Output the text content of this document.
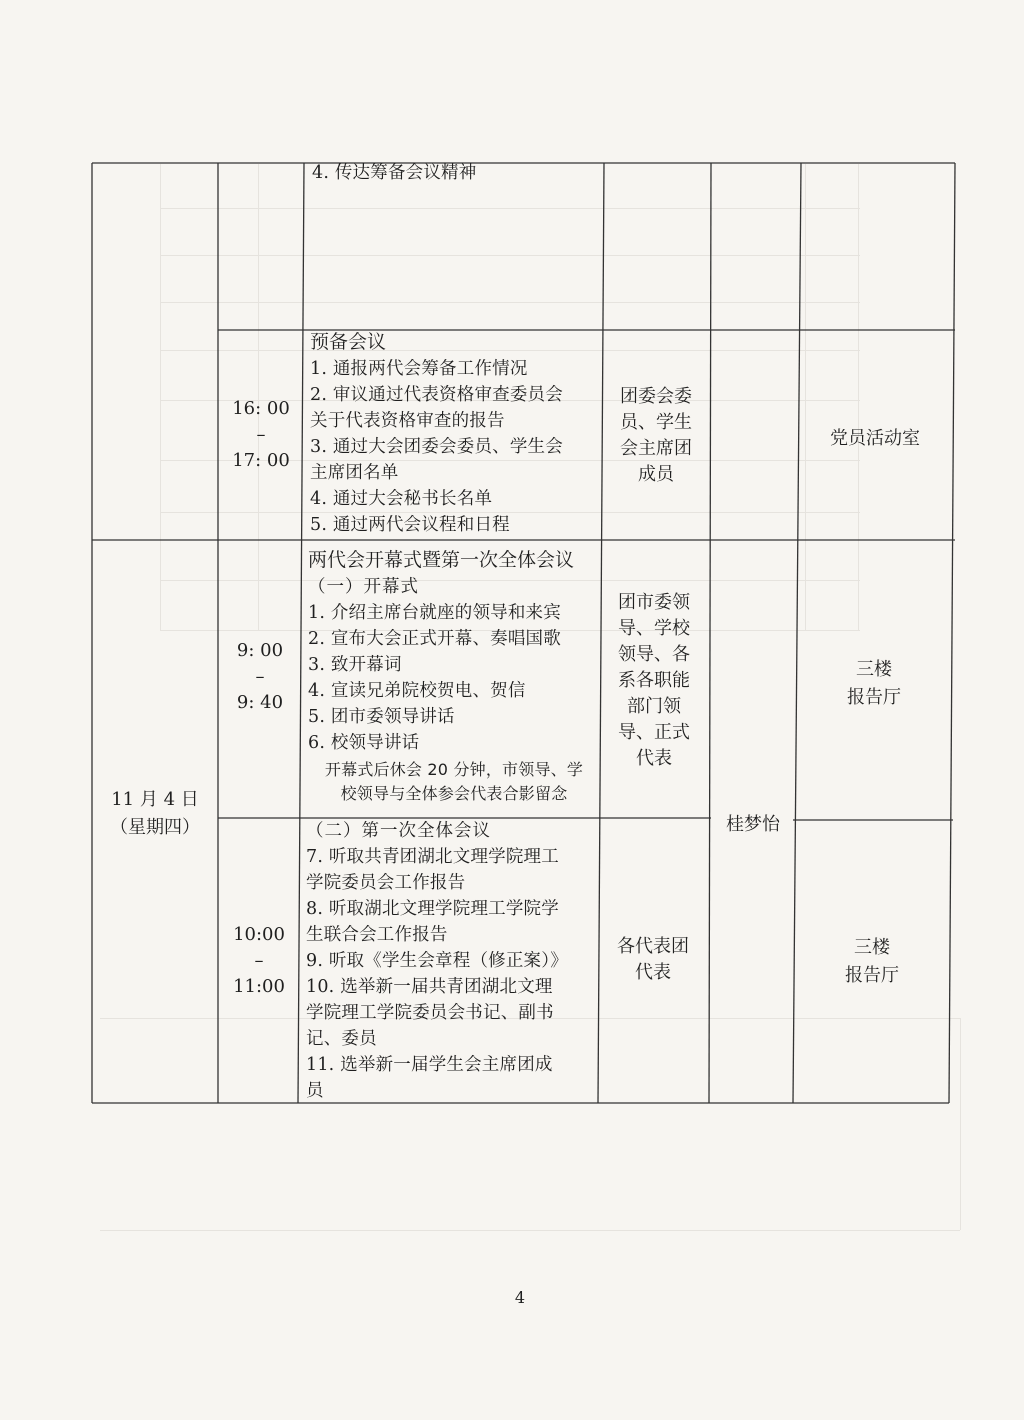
4. 传达筹备会议精神
16: 00
–
17: 00
预备会议
1. 通报两代会筹备工作情况
2. 审议通过代表资格审查委员会
关于代表资格审查的报告
3. 通过大会团委会委员、学生会
主席团名单
4. 通过大会秘书长名单
5. 通过两代会议程和日程
团委会委
员、学生
会主席团
成员
党员活动室
11 月 4 日
（星期四）
9: 00
–
9: 40
两代会开幕式暨第一次全体会议
（一）开幕式
1. 介绍主席台就座的领导和来宾
2. 宣布大会正式开幕、奏唱国歌
3. 致开幕词
4. 宣读兄弟院校贺电、贺信
5. 团市委领导讲话
6. 校领导讲话
开幕式后休会 20 分钟，市领导、学
校领导与全体参会代表合影留念
团市委领
导、学校
领导、各
系各职能
部门领
导、正式
代表
三楼
报告厅
桂梦怡
10:00
–
11:00
（二）第一次全体会议
7. 听取共青团湖北文理学院理工
学院委员会工作报告
8. 听取湖北文理学院理工学院学
生联合会工作报告
9. 听取《学生会章程（修正案）》
10. 选举新一届共青团湖北文理
学院理工学院委员会书记、副书
记、委员
11. 选举新一届学生会主席团成
员
各代表团
代表
三楼
报告厅
4
